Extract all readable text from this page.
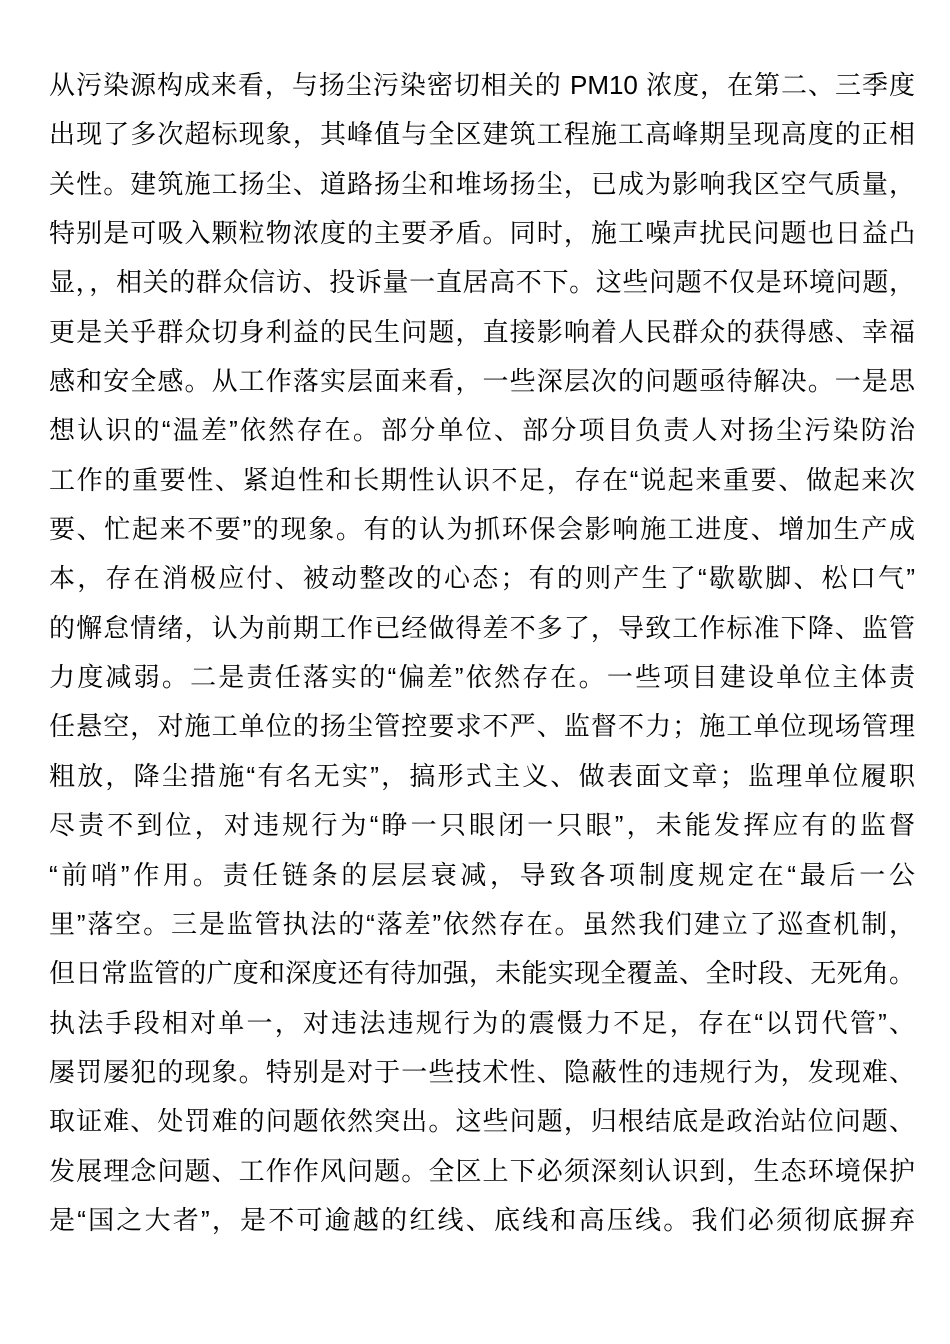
从污染源构成来看，与扬尘污染密切相关的 PM10 浓度，在第二、三季度
出现了多次超标现象，其峰值与全区建筑工程施工高峰期呈现高度的正相
关性。建筑施工扬尘、道路扬尘和堆场扬尘，已成为影响我区空气质量，
特别是可吸入颗粒物浓度的主要矛盾。同时，施工噪声扰民问题也日益凸
显，，相关的群众信访、投诉量一直居高不下。这些问题不仅是环境问题，
更是关乎群众切身利益的民生问题，直接影响着人民群众的获得感、幸福
感和安全感。从工作落实层面来看，一些深层次的问题亟待解决。一是思
想认识的“温差”依然存在。部分单位、部分项目负责人对扬尘污染防治
工作的重要性、紧迫性和长期性认识不足，存在“说起来重要、做起来次
要、忙起来不要”的现象。有的认为抓环保会影响施工进度、增加生产成
本，存在消极应付、被动整改的心态；有的则产生了“歇歇脚、松口气”
的懈怠情绪，认为前期工作已经做得差不多了，导致工作标准下降、监管
力度减弱。二是责任落实的“偏差”依然存在。一些项目建设单位主体责
任悬空，对施工单位的扬尘管控要求不严、监督不力；施工单位现场管理
粗放，降尘措施“有名无实”，搞形式主义、做表面文章；监理单位履职
尽责不到位，对违规行为“睁一只眼闭一只眼”，未能发挥应有的监督
“前哨”作用。责任链条的层层衰减，导致各项制度规定在“最后一公
里”落空。三是监管执法的“落差”依然存在。虽然我们建立了巡查机制，
但日常监管的广度和深度还有待加强，未能实现全覆盖、全时段、无死角。
执法手段相对单一，对违法违规行为的震慑力不足，存在“以罚代管”、
屡罚屡犯的现象。特别是对于一些技术性、隐蔽性的违规行为，发现难、
取证难、处罚难的问题依然突出。这些问题，归根结底是政治站位问题、
发展理念问题、工作作风问题。全区上下必须深刻认识到，生态环境保护
是“国之大者”，是不可逾越的红线、底线和高压线。我们必须彻底摒弃
